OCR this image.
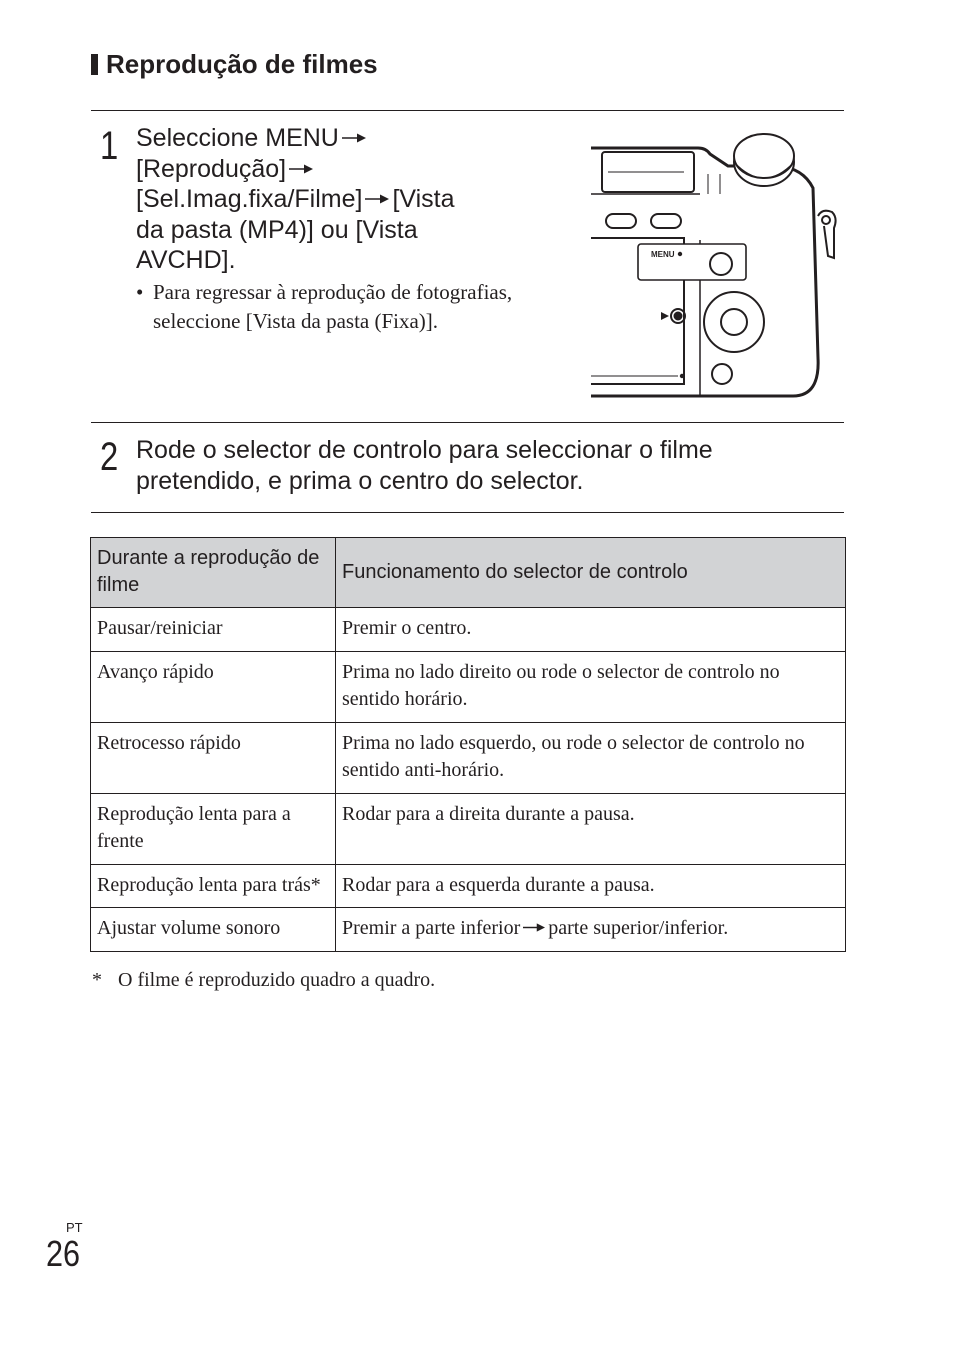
Reprodução de filmes
1 Seleccione MENU
[Reprodução]
[Sel.Imag.fixa/Filme] [Vista
da pasta (MP4)] ou [Vista
AVCHD].
• Para regressar à reprodução de fotografias, seleccione [Vista da pasta (Fixa)].
MENU
2 Rode o selector de controlo para seleccionar o filme
pretendido, e prima o centro do selector.
Durante a reprodução de filme	Funcionamento do selector de controlo
Pausar/reiniciar	Premir o centro.
Avanço rápido	Prima no lado direito ou rode o selector de controlo no sentido horário.
Retrocesso rápido	Prima no lado esquerdo, ou rode o selector de controlo no sentido anti-horário.
Reprodução lenta para a frente	Rodar para a direita durante a pausa.
Reprodução lenta para trás*	Rodar para a esquerda durante a pausa.
Ajustar volume sonoro	Premir a parte inferior parte superior/inferior.
* O filme é reproduzido quadro a quadro.
PT
26
